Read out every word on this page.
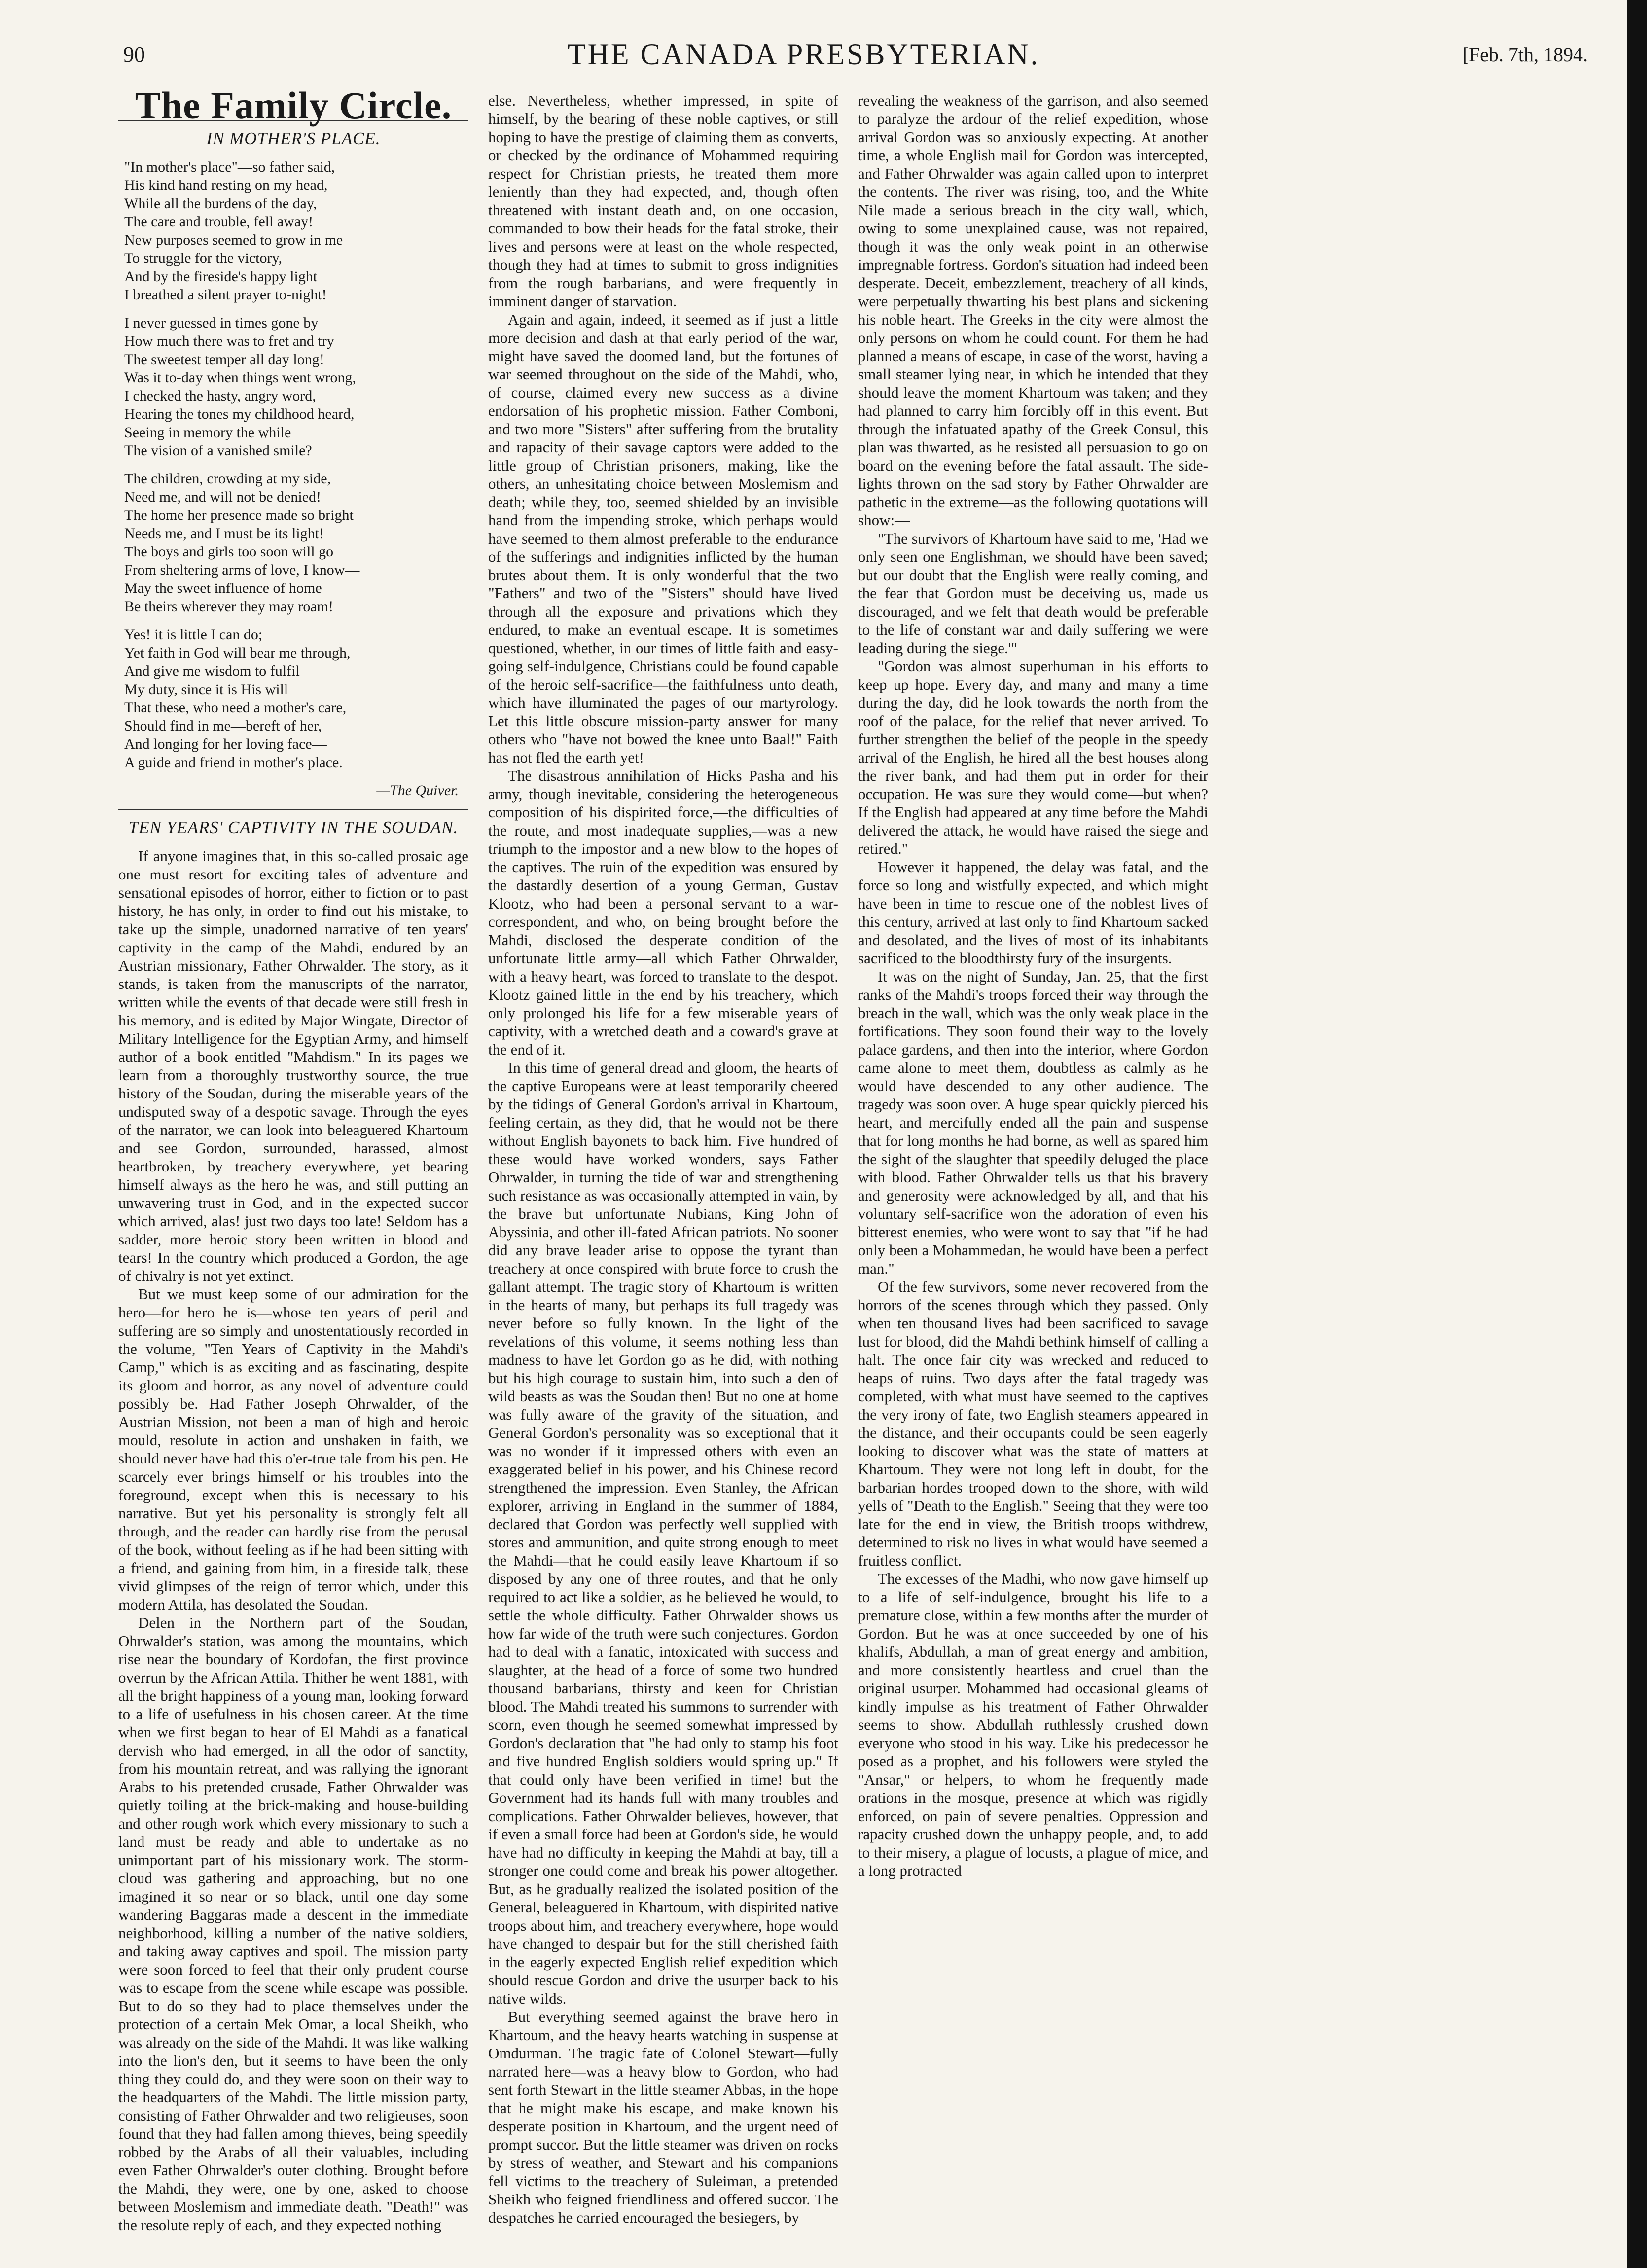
90	THE CANADA PRESBYTERIAN.	[Feb. 7th, 1894.
The Family Circle.
IN MOTHER'S PLACE.
"In mother's place"—so father said,
His kind hand resting on my head,
While all the burdens of the day,
The care and trouble, fell away!
New purposes seemed to grow in me
To struggle for the victory,
And by the fireside's happy light
I breathed a silent prayer to-night!
I never guessed in times gone by
How much there was to fret and try
The sweetest temper all day long!
Was it to-day when things went wrong,
I checked the hasty, angry word,
Hearing the tones my childhood heard,
Seeing in memory the while
The vision of a vanished smile?
The children, crowding at my side,
Need me, and will not be denied!
The home her presence made so bright
Needs me, and I must be its light!
The boys and girls too soon will go
From sheltering arms of love, I know—
May the sweet influence of home
Be theirs wherever they may roam!
Yes! it is little I can do;
Yet faith in God will bear me through,
And give me wisdom to fulfil
My duty, since it is His will
That these, who need a mother's care,
Should find in me—bereft of her,
And longing for her loving face—
A guide and friend in mother's place.
—The Quiver.
TEN YEARS' CAPTIVITY IN THE SOUDAN.

If anyone imagines that, in this so-called prosaic age one must resort for exciting tales of adventure and sensational episodes of horror, either to fiction or to past history, he has only, in order to find out his mistake, to take up the simple, unadorned narrative of ten years' captivity in the camp of the Mahdi, endured by an Austrian missionary, Father Ohrwalder. The story, as it stands, is taken from the manuscripts of the narrator, written while the events of that decade were still fresh in his memory, and is edited by Major Wingate, Director of Military Intelligence for the Egyptian Army, and himself author of a book entitled "Mahdism." In its pages we learn from a thoroughly trustworthy source, the true history of the Soudan, during the miserable years of the undisputed sway of a despotic savage. Through the eyes of the narrator, we can look into beleaguered Khartoum and see Gordon, surrounded, harassed, almost heartbroken, by treachery everywhere, yet bearing himself always as the hero he was, and still putting an unwavering trust in God, and in the expected succor which arrived, alas! just two days too late! Seldom has a sadder, more heroic story been written in blood and tears! In the country which produced a Gordon, the age of chivalry is not yet extinct.

But we must keep some of our admiration for the hero—for hero he is—whose ten years of peril and suffering are so simply and unostentatiously recorded in the volume, "Ten Years of Captivity in the Mahdi's Camp," which is as exciting and as fascinating, despite its gloom and horror, as any novel of adventure could possibly be. Had Father Joseph Ohrwalder, of the Austrian Mission, not been a man of high and heroic mould, resolute in action and unshaken in faith, we should never have had this o'er-true tale from his pen. He scarcely ever brings himself or his troubles into the foreground, except when this is necessary to his narrative. But yet his personality is strongly felt all through, and the reader can hardly rise from the perusal of the book, without feeling as if he had been sitting with a friend, and gaining from him, in a fireside talk, these vivid glimpses of the reign of terror which, under this modern Attila, has desolated the Soudan.

Delen in the Northern part of the Soudan, Ohrwalder's station, was among the mountains, which rise near the boundary of Kordofan, the first province overrun by the African Attila. Thither he went 1881, with all the bright happiness of a young man, looking forward to a life of usefulness in his chosen career. At the time when we first began to hear of El Mahdi as a fanatical dervish who had emerged, in all the odor of sanctity, from his mountain retreat, and was rallying the ignorant Arabs to his pretended crusade, Father Ohrwalder was quietly toiling at the brick-making and house-building and other rough work which every missionary to such a land must be ready and able to undertake as no unimportant part of his missionary work. The storm-cloud was gathering and approaching, but no one imagined it so near or so black, until one day some wandering Baggaras made a descent in the immediate neighborhood, killing a number of the native soldiers, and taking away captives and spoil. The mission party were soon forced to feel that their only prudent course was to escape from the scene while escape was possible. But to do so they had to place themselves under the protection of a certain Mek Omar, a local Sheikh, who was already on the side of the Mahdi. It was like walking into the lion's den, but it seems to have been the only thing they could do, and they were soon on their way to the headquarters of the Mahdi. The little mission party, consisting of Father Ohrwalder and two religieuses, soon found that they had fallen among thieves, being speedily robbed by the Arabs of all their valuables, including even Father Ohrwalder's outer clothing. Brought before the Mahdi, they were, one by one, asked to choose between Moslemism and immediate death. "Death!" was the resolute reply of each, and they expected nothing

else. Nevertheless, whether impressed, in spite of himself, by the bearing of these noble captives, or still hoping to have the prestige of claiming them as converts, or checked by the ordinance of Mohammed requiring respect for Christian priests, he treated them more leniently than they had expected, and, though often threatened with instant death and, on one occasion, commanded to bow their heads for the fatal stroke, their lives and persons were at least on the whole respected, though they had at times to submit to gross indignities from the rough barbarians, and were frequently in imminent danger of starvation.

Again and again, indeed, it seemed as if just a little more decision and dash at that early period of the war, might have saved the doomed land, but the fortunes of war seemed throughout on the side of the Mahdi, who, of course, claimed every new success as a divine endorsation of his prophetic mission. Father Comboni, and two more "Sisters" after suffering from the brutality and rapacity of their savage captors were added to the little group of Christian prisoners, making, like the others, an unhesitating choice between Moslemism and death; while they, too, seemed shielded by an invisible hand from the impending stroke, which perhaps would have seemed to them almost preferable to the endurance of the sufferings and indignities inflicted by the human brutes about them. It is only wonderful that the two "Fathers" and two of the "Sisters" should have lived through all the exposure and privations which they endured, to make an eventual escape. It is sometimes questioned, whether, in our times of little faith and easy-going self-indulgence, Christians could be found capable of the heroic self-sacrifice—the faithfulness unto death, which have illuminated the pages of our martyrology. Let this little obscure mission-party answer for many others who "have not bowed the knee unto Baal!" Faith has not fled the earth yet!

The disastrous annihilation of Hicks Pasha and his army, though inevitable, considering the heterogeneous composition of his dispirited force,—the difficulties of the route, and most inadequate supplies,—was a new triumph to the impostor and a new blow to the hopes of the captives. The ruin of the expedition was ensured by the dastardly desertion of a young German, Gustav Klootz, who had been a personal servant to a war-correspondent, and who, on being brought before the Mahdi, disclosed the desperate condition of the unfortunate little army—all which Father Ohrwalder, with a heavy heart, was forced to translate to the despot. Klootz gained little in the end by his treachery, which only prolonged his life for a few miserable years of captivity, with a wretched death and a coward's grave at the end of it.

In this time of general dread and gloom, the hearts of the captive Europeans were at least temporarily cheered by the tidings of General Gordon's arrival in Khartoum, feeling certain, as they did, that he would not be there without English bayonets to back him. Five hundred of these would have worked wonders, says Father Ohrwalder, in turning the tide of war and strengthening such resistance as was occasionally attempted in vain, by the brave but unfortunate Nubians, King John of Abyssinia, and other ill-fated African patriots. No sooner did any brave leader arise to oppose the tyrant than treachery at once conspired with brute force to crush the gallant attempt. The tragic story of Khartoum is written in the hearts of many, but perhaps its full tragedy was never before so fully known. In the light of the revelations of this volume, it seems nothing less than madness to have let Gordon go as he did, with nothing but his high courage to sustain him, into such a den of wild beasts as was the Soudan then! But no one at home was fully aware of the gravity of the situation, and General Gordon's personality was so exceptional that it was no wonder if it impressed others with even an exaggerated belief in his power, and his Chinese record strengthened the impression. Even Stanley, the African explorer, arriving in England in the summer of 1884, declared that Gordon was perfectly well supplied with stores and ammunition, and quite strong enough to meet the Mahdi—that he could easily leave Khartoum if so disposed by any one of three routes, and that he only required to act like a soldier, as he believed he would, to settle the whole difficulty. Father Ohrwalder shows us how far wide of the truth were such conjectures. Gordon had to deal with a fanatic, intoxicated with success and slaughter, at the head of a force of some two hundred thousand barbarians, thirsty and keen for Christian blood. The Mahdi treated his summons to surrender with scorn, even though he seemed somewhat impressed by Gordon's declaration that "he had only to stamp his foot and five hundred English soldiers would spring up." If that could only have been verified in time! but the Government had its hands full with many troubles and complications. Father Ohrwalder believes, however, that if even a small force had been at Gordon's side, he would have had no difficulty in keeping the Mahdi at bay, till a stronger one could come and break his power altogether. But, as he gradually realized the isolated position of the General, beleaguered in Khartoum, with dispirited native troops about him, and treachery everywhere, hope would have changed to despair but for the still cherished faith in the eagerly expected English relief expedition which should rescue Gordon and drive the usurper back to his native wilds.

But everything seemed against the brave hero in Khartoum, and the heavy hearts watching in suspense at Omdurman. The tragic fate of Colonel Stewart—fully narrated here—was a heavy blow to Gordon, who had sent forth Stewart in the little steamer Abbas, in the hope that he might make his escape, and make known his desperate position in Khartoum, and the urgent need of prompt succor. But the little steamer was driven on rocks by stress of weather, and Stewart and his companions fell victims to the treachery of Suleiman, a pretended Sheikh who feigned friendliness and offered succor. The despatches he carried encouraged the besiegers, by

revealing the weakness of the garrison, and also seemed to paralyze the ardour of the relief expedition, whose arrival Gordon was so anxiously expecting. At another time, a whole English mail for Gordon was intercepted, and Father Ohrwalder was again called upon to interpret the contents. The river was rising, too, and the White Nile made a serious breach in the city wall, which, owing to some unexplained cause, was not repaired, though it was the only weak point in an otherwise impregnable fortress. Gordon's situation had indeed been desperate. Deceit, embezzlement, treachery of all kinds, were perpetually thwarting his best plans and sickening his noble heart. The Greeks in the city were almost the only persons on whom he could count. For them he had planned a means of escape, in case of the worst, having a small steamer lying near, in which he intended that they should leave the moment Khartoum was taken; and they had planned to carry him forcibly off in this event. But through the infatuated apathy of the Greek Consul, this plan was thwarted, as he resisted all persuasion to go on board on the evening before the fatal assault. The side-lights thrown on the sad story by Father Ohrwalder are pathetic in the extreme—as the following quotations will show:—

"The survivors of Khartoum have said to me, 'Had we only seen one Englishman, we should have been saved; but our doubt that the English were really coming, and the fear that Gordon must be deceiving us, made us discouraged, and we felt that death would be preferable to the life of constant war and daily suffering we were leading during the siege.'"

"Gordon was almost superhuman in his efforts to keep up hope. Every day, and many and many a time during the day, did he look towards the north from the roof of the palace, for the relief that never arrived. To further strengthen the belief of the people in the speedy arrival of the English, he hired all the best houses along the river bank, and had them put in order for their occupation. He was sure they would come—but when? If the English had appeared at any time before the Mahdi delivered the attack, he would have raised the siege and retired."

However it happened, the delay was fatal, and the force so long and wistfully expected, and which might have been in time to rescue one of the noblest lives of this century, arrived at last only to find Khartoum sacked and desolated, and the lives of most of its inhabitants sacrificed to the bloodthirsty fury of the insurgents.

It was on the night of Sunday, Jan. 25, that the first ranks of the Mahdi's troops forced their way through the breach in the wall, which was the only weak place in the fortifications. They soon found their way to the lovely palace gardens, and then into the interior, where Gordon came alone to meet them, doubtless as calmly as he would have descended to any other audience. The tragedy was soon over. A huge spear quickly pierced his heart, and mercifully ended all the pain and suspense that for long months he had borne, as well as spared him the sight of the slaughter that speedily deluged the place with blood. Father Ohrwalder tells us that his bravery and generosity were acknowledged by all, and that his voluntary self-sacrifice won the adoration of even his bitterest enemies, who were wont to say that "if he had only been a Mohammedan, he would have been a perfect man."

Of the few survivors, some never recovered from the horrors of the scenes through which they passed. Only when ten thousand lives had been sacrificed to savage lust for blood, did the Mahdi bethink himself of calling a halt. The once fair city was wrecked and reduced to heaps of ruins. Two days after the fatal tragedy was completed, with what must have seemed to the captives the very irony of fate, two English steamers appeared in the distance, and their occupants could be seen eagerly looking to discover what was the state of matters at Khartoum. They were not long left in doubt, for the barbarian hordes trooped down to the shore, with wild yells of "Death to the English." Seeing that they were too late for the end in view, the British troops withdrew, determined to risk no lives in what would have seemed a fruitless conflict.

The excesses of the Madhi, who now gave himself up to a life of self-indulgence, brought his life to a premature close, within a few months after the murder of Gordon. But he was at once succeeded by one of his khalifs, Abdullah, a man of great energy and ambition, and more consistently heartless and cruel than the original usurper. Mohammed had occasional gleams of kindly impulse as his treatment of Father Ohrwalder seems to show. Abdullah ruthlessly crushed down everyone who stood in his way. Like his predecessor he posed as a prophet, and his followers were styled the "Ansar," or helpers, to whom he frequently made orations in the mosque, presence at which was rigidly enforced, on pain of severe penalties. Oppression and rapacity crushed down the unhappy people, and, to add to their misery, a plague of locusts, a plague of mice, and a long protracted
